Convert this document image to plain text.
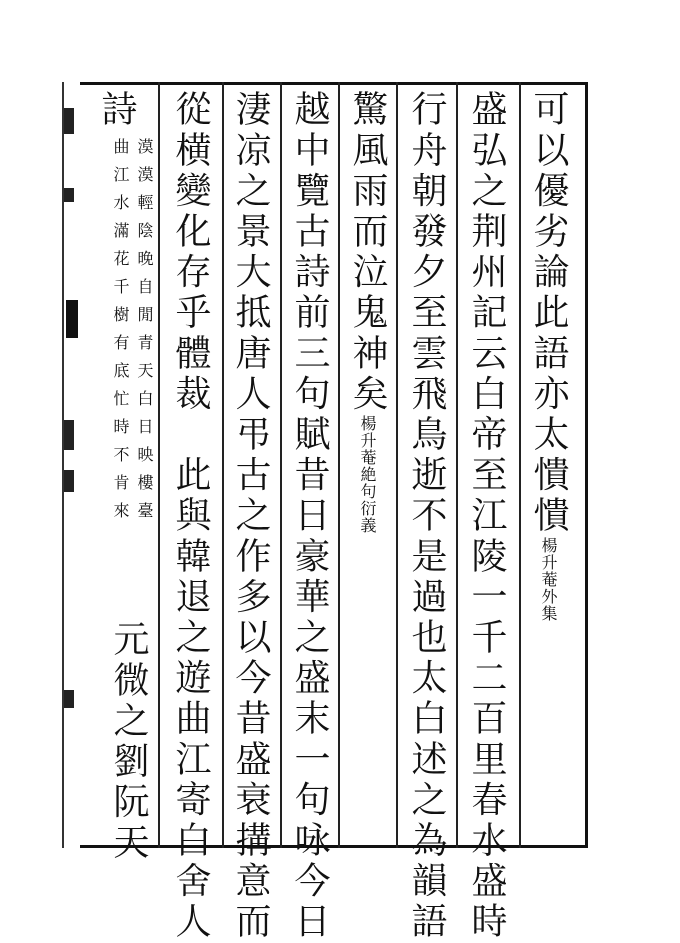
可以優劣論此語亦太憒憒楊升菴外集
盛弘之荆州記云白帝至江陵一千二百里春水盛時
行舟朝發夕至雲飛鳥逝不是過也太白述之為韻語
驚風雨而泣鬼神矣楊升菴絶句衍義
越中覽古詩前三句賦昔日豪華之盛末一句咏今日
淒凉之景大抵唐人弔古之作多以今昔盛衰搆意而
從横變化存乎體裁　此與韓退之遊曲江寄白舍人
詩
漠漠輕陰晚自閒青天白日映樓臺
曲江水滿花千樹有底忙時不肯來
元微之劉阮天
